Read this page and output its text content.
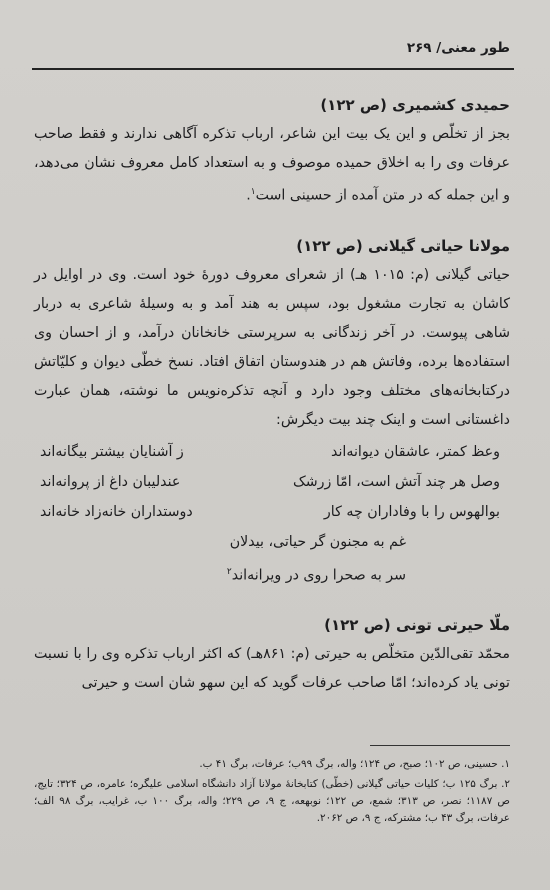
طور معنی/ ۲۶۹

حمیدی کشمیری (ص ۱۲۲)

بجز از تخلّص و این یک بیت این شاعر، ارباب تذکره آگاهی ندارند و فقط صاحب عرفات وی را به اخلاق حمیده موصوف و به استعداد کامل معروف نشان می‌دهد، و این جمله که در متن آمده از حسینی است$^۱$.

مولانا حیاتی گیلانی (ص ۱۲۲)

حیاتی گیلانی (م: ۱۰۱۵ هـ) از شعرای معروف دورهٔ خود است. وی در اوایل در کاشان به تجارت مشغول بود، سپس به هند آمد و به وسیلهٔ شاعری به دربار شاهی پیوست. در آخر زندگانی به سرپرستی خانخانان درآمد، و از احسان وی استفاده‌ها برده، وفاتش هم در هندوستان اتفاق افتاد. نسخ خطّی دیوان و کلیّاتش درکتابخانه‌های مختلف وجود دارد و آنچه تذکره‌نویس ما نوشته، همان عبارت داغستانی است و اینک چند بیت دیگرش:

وعظ کمتر، عاشقان دیوانه‌اند
ز آشنایان بیشتر بیگانه‌اند
وصل هر چند آتش است، امّا زرشک
عندلیبان داغ از پروانه‌اند
بوالهوس را با وفاداران چه کار
دوستداران خانه‌زاد خانه‌اند
غم به مجنون گر حیاتی، بیدلان
سر به صحرا روی در ویرانه‌اند$^۲$

ملّا حیرتی تونی (ص ۱۲۲)

محمّد تقی‌الدّین متخلّص به حیرتی (م: ۸۶۱هـ) که اکثر ارباب تذکره وی را با نسبت تونی یاد کرده‌اند؛ امّا صاحب عرفات گوید که این سهو شان است و حیرتی

۱. حسینی، ص ۱۰۲؛ صبح، ص ۱۲۴؛ واله، برگ ۹۹ب؛ عرفات، برگ ۴۱ ب.

۲. برگ ۱۲۵ ب؛ کلیات حیاتی گیلانی (خطّی) کتابخانهٔ مولانا آزاد دانشگاه اسلامی علیگره؛ عامره، ص ۳۲۴؛ تایج، ص ۱۱۸۷؛ نصر، ص ۳۱۳؛ شمع، ص ۱۲۲؛ نوبهعه، ج ۹، ص ۲۲۹؛ واله، برگ ۱۰۰ ب، غرایب، برگ ۹۸ الف؛ عرفات، برگ ۴۳ ب؛ مشترکه، ج ۹، ص ۲۰۶۲.
